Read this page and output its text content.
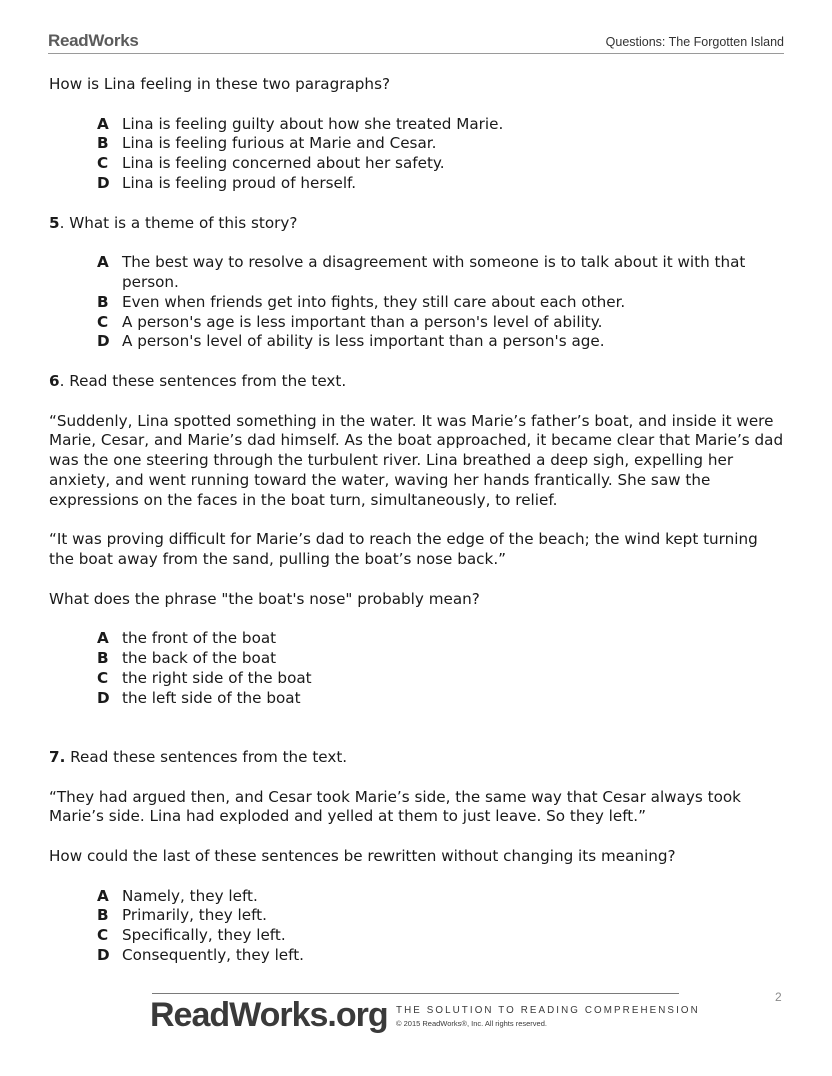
ReadWorks	Questions: The Forgotten Island

How is Lina feeling in these two paragraphs?

A Lina is feeling guilty about how she treated Marie.
B Lina is feeling furious at Marie and Cesar.
C Lina is feeling concerned about her safety.
D Lina is feeling proud of herself.

5. What is a theme of this story?

A The best way to resolve a disagreement with someone is to talk about it with that person.
B Even when friends get into fights, they still care about each other.
C A person's age is less important than a person's level of ability.
D A person's level of ability is less important than a person's age.

6. Read these sentences from the text.

“Suddenly, Lina spotted something in the water. It was Marie’s father’s boat, and inside it were Marie, Cesar, and Marie’s dad himself. As the boat approached, it became clear that Marie’s dad was the one steering through the turbulent river. Lina breathed a deep sigh, expelling her anxiety, and went running toward the water, waving her hands frantically. She saw the expressions on the faces in the boat turn, simultaneously, to relief.

“It was proving difficult for Marie’s dad to reach the edge of the beach; the wind kept turning the boat away from the sand, pulling the boat’s nose back.”

What does the phrase "the boat's nose" probably mean?

A the front of the boat
B the back of the boat
C the right side of the boat
D the left side of the boat

7. Read these sentences from the text.

“They had argued then, and Cesar took Marie’s side, the same way that Cesar always took Marie’s side. Lina had exploded and yelled at them to just leave. So they left.”

How could the last of these sentences be rewritten without changing its meaning?

A Namely, they left.
B Primarily, they left.
C Specifically, they left.
D Consequently, they left.
ReadWorks.org THE SOLUTION TO READING COMPREHENSION
© 2015 ReadWorks®, Inc. All rights reserved.
2
